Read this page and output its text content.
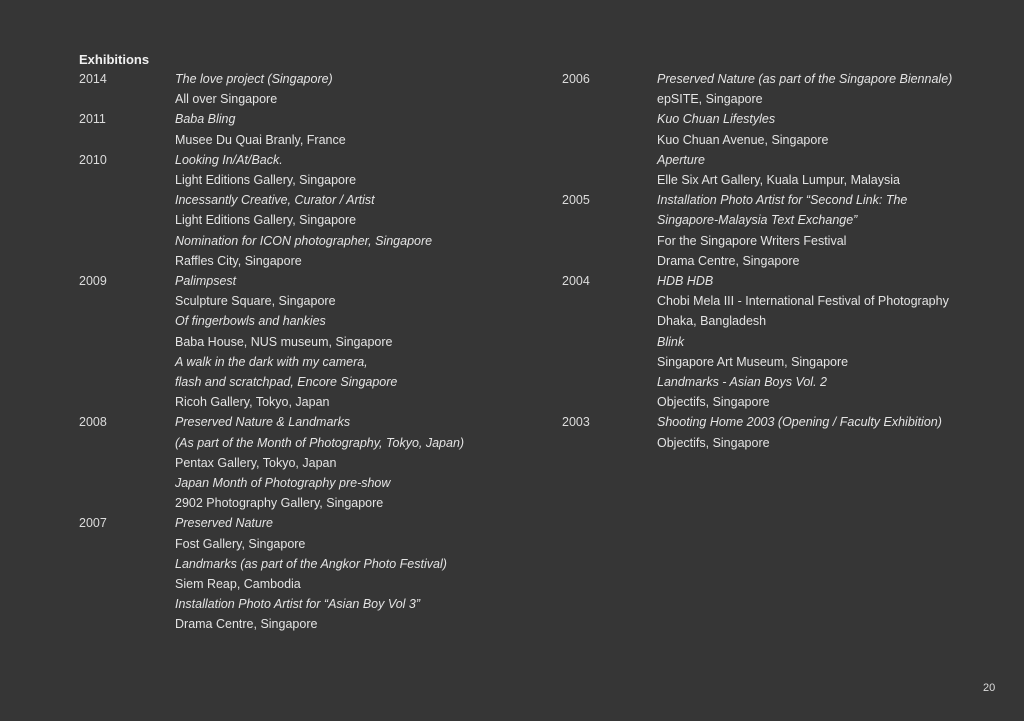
Exhibitions
2014	The love project (Singapore)
All over Singapore
2011	Baba Bling
Musee Du Quai Branly, France
2010	Looking In/At/Back.
Light Editions Gallery, Singapore
Incessantly Creative, Curator / Artist
Light Editions Gallery, Singapore
Nomination for ICON photographer, Singapore
Raffles City, Singapore
2009	Palimpsest
Sculpture Square, Singapore
Of fingerbowls and hankies
Baba House, NUS museum, Singapore
A walk in the dark with my camera,
flash and scratchpad, Encore Singapore
Ricoh Gallery, Tokyo, Japan
2008	Preserved Nature & Landmarks
(As part of the Month of Photography, Tokyo, Japan)
Pentax Gallery, Tokyo, Japan
Japan Month of Photography pre-show
2902 Photography Gallery, Singapore
2007	Preserved Nature
Fost Gallery, Singapore
Landmarks (as part of the Angkor Photo Festival)
Siem Reap, Cambodia
Installation Photo Artist for “Asian Boy Vol 3”
Drama Centre, Singapore
2006	Preserved Nature (as part of the Singapore Biennale)
epSITE, Singapore
Kuo Chuan Lifestyles
Kuo Chuan Avenue, Singapore
Aperture
Elle Six Art Gallery, Kuala Lumpur, Malaysia
2005	Installation Photo Artist for “Second Link: The
Singapore-Malaysia Text Exchange”
For the Singapore Writers Festival
Drama Centre, Singapore
2004	HDB HDB
Chobi Mela III - International Festival of Photography
Dhaka, Bangladesh
Blink
Singapore Art Museum, Singapore
Landmarks - Asian Boys Vol. 2
Objectifs, Singapore
2003	Shooting Home 2003 (Opening / Faculty Exhibition)
Objectifs, Singapore
20
